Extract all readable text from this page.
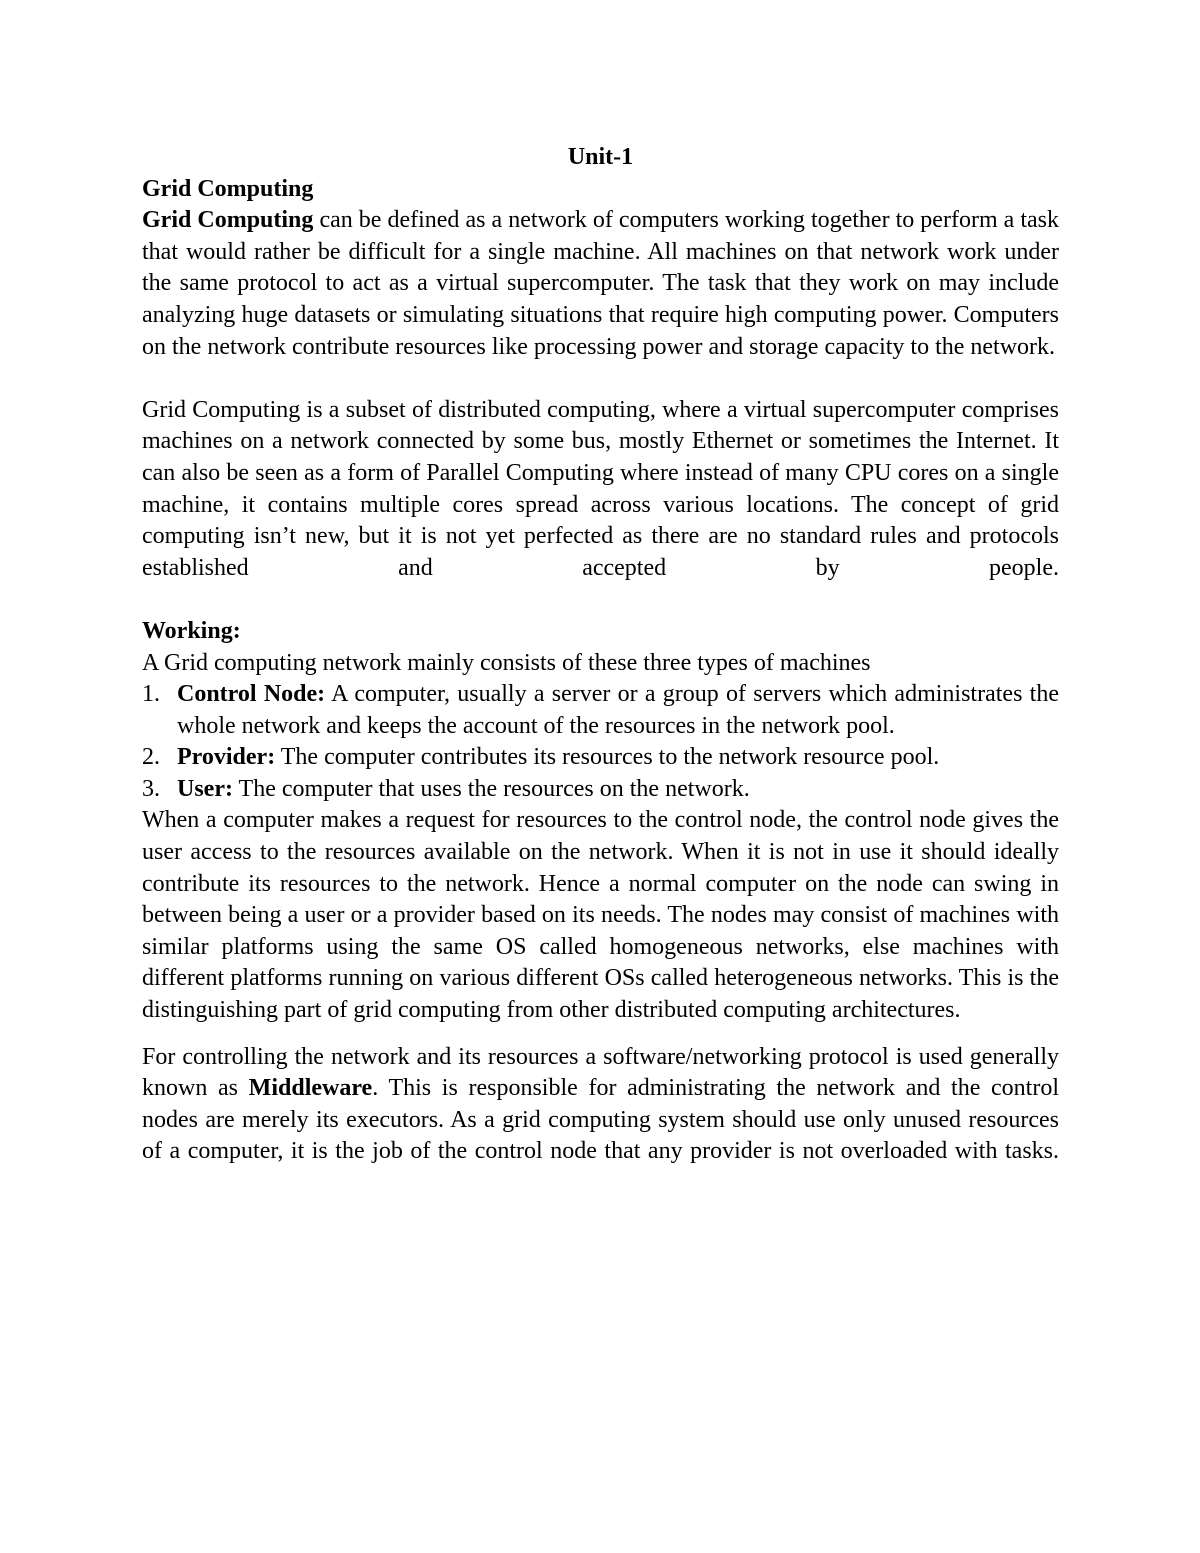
Unit-1

Grid Computing

Grid Computing can be defined as a network of computers working together to perform a task that would rather be difficult for a single machine. All machines on that network work under the same protocol to act as a virtual supercomputer. The task that they work on may include analyzing huge datasets or simulating situations that require high computing power. Computers on the network contribute resources like processing power and storage capacity to the network.

Grid Computing is a subset of distributed computing, where a virtual supercomputer comprises machines on a network connected by some bus, mostly Ethernet or sometimes the Internet. It can also be seen as a form of Parallel Computing where instead of many CPU cores on a single machine, it contains multiple cores spread across various locations. The concept of grid computing isn’t new, but it is not yet perfected as there are no standard rules and protocols established and accepted by people.

Working:

A Grid computing network mainly consists of these three types of machines

1. Control Node: A computer, usually a server or a group of servers which administrates the whole network and keeps the account of the resources in the network pool.
2. Provider: The computer contributes its resources to the network resource pool.
3. User: The computer that uses the resources on the network.

When a computer makes a request for resources to the control node, the control node gives the user access to the resources available on the network. When it is not in use it should ideally contribute its resources to the network. Hence a normal computer on the node can swing in between being a user or a provider based on its needs. The nodes may consist of machines with similar platforms using the same OS called homogeneous networks, else machines with different platforms running on various different OSs called heterogeneous networks. This is the distinguishing part of grid computing from other distributed computing architectures.

For controlling the network and its resources a software/networking protocol is used generally known as Middleware. This is responsible for administrating the network and the control nodes are merely its executors. As a grid computing system should use only unused resources of a computer, it is the job of the control node that any provider is not overloaded with tasks.
